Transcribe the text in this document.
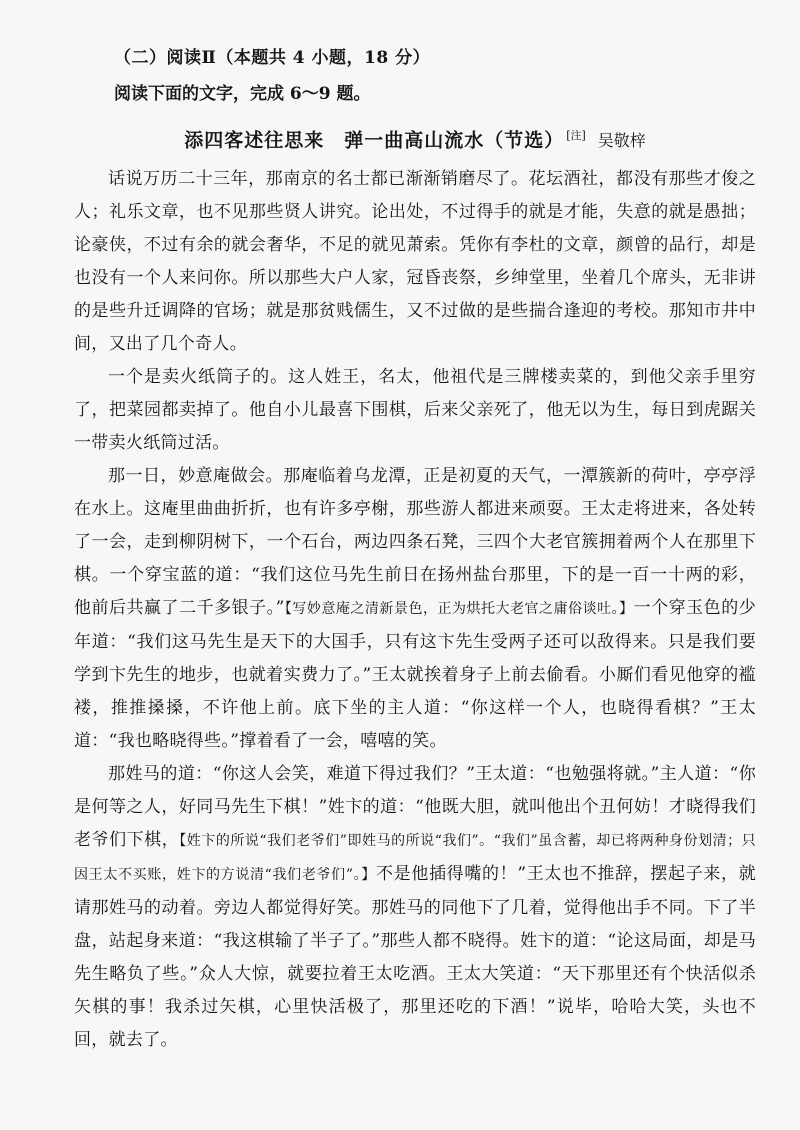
（二）阅读Ⅱ（本题共 4 小题，18 分）
阅读下面的文字，完成 6～9 题。
添四客述往思来　弹一曲高山流水（节选） [注] 吴敬梓

话说万历二十三年，那南京的名士都已渐渐销磨尽了。花坛酒社，都没有那些才俊之人；礼乐文章，也不见那些贤人讲究。论出处，不过得手的就是才能，失意的就是愚拙；论豪侠，不过有余的就会奢华，不足的就见萧索。凭你有李杜的文章，颜曾的品行，却是也没有一个人来问你。所以那些大户人家，冠昏丧祭，乡绅堂里，坐着几个席头，无非讲的是些升迁调降的官场；就是那贫贱儒生，又不过做的是些揣合逢迎的考校。那知市井中间，又出了几个奇人。

一个是卖火纸筒子的。这人姓王，名太，他祖代是三牌楼卖菜的，到他父亲手里穷了，把菜园都卖掉了。他自小儿最喜下围棋，后来父亲死了，他无以为生，每日到虎踞关一带卖火纸筒过活。

那一日，妙意庵做会。那庵临着乌龙潭，正是初夏的天气，一潭簇新的荷叶，亭亭浮在水上。这庵里曲曲折折，也有许多亭榭，那些游人都进来顽耍。王太走将进来，各处转了一会，走到柳阴树下，一个石台，两边四条石凳，三四个大老官簇拥着两个人在那里下棋。一个穿宝蓝的道：“我们这位马先生前日在扬州盐台那里，下的是一百一十两的彩，他前后共赢了二千多银子。”【写妙意庵之清新景色，正为烘托大老官之庸俗谈吐。】一个穿玉色的少年道：“我们这马先生是天下的大国手，只有这卞先生受两子还可以敌得来。只是我们要学到卞先生的地步，也就着实费力了。”王太就挨着身子上前去偷看。小厮们看见他穿的褴褛，推推搡搡，不许他上前。底下坐的主人道：“你这样一个人，也晓得看棋？”王太道：“我也略晓得些。”撑着看了一会，嘻嘻的笑。

那姓马的道：“你这人会笑，难道下得过我们？”王太道：“也勉强将就。”主人道：“你是何等之人，好同马先生下棋！”姓卞的道：“他既大胆，就叫他出个丑何妨！才晓得我们老爷们下棋，【姓卞的所说“我们老爷们”即姓马的所说“我们”。“我们”虽含蓄，却已将两种身份划清；只因王太不买账，姓卞的方说清“我们老爷们”。】不是他插得嘴的！”王太也不推辞，摆起子来，就请那姓马的动着。旁边人都觉得好笑。那姓马的同他下了几着，觉得他出手不同。下了半盘，站起身来道：“我这棋输了半子了。”那些人都不晓得。姓卞的道：“论这局面，却是马先生略负了些。”众人大惊，就要拉着王太吃酒。王太大笑道：“天下那里还有个快活似杀矢棋的事！我杀过矢棋，心里快活极了，那里还吃的下酒！”说毕，哈哈大笑，头也不回，就去了。
